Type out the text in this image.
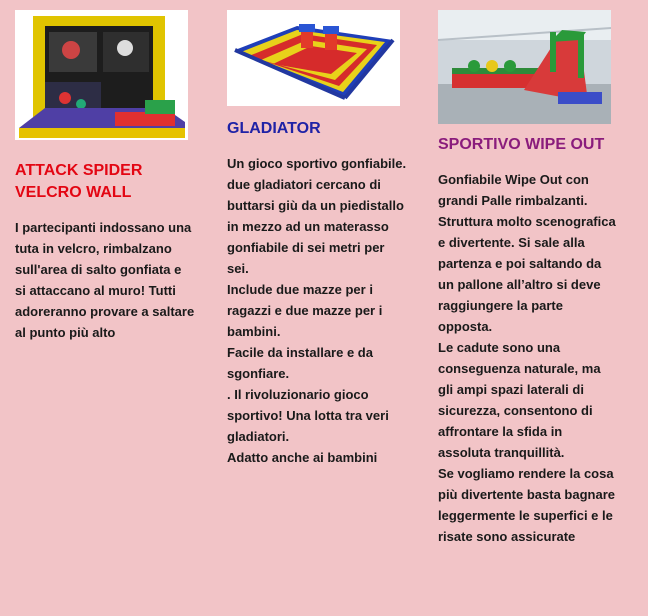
ATTACK SPIDER VELCRO WALL

I partecipanti indossano una tuta in velcro, rimbalzano sull'area di salto gonfiata e si attaccano al muro! Tutti adoreranno provare a saltare al punto più alto

GLADIATOR

Un gioco sportivo gonfiabile. due gladiatori cercano di buttarsi giù da un piedistallo in mezzo ad un materasso gonfiabile di sei metri per sei.
Include due mazze per i ragazzi e due mazze per i bambini.
Facile da installare e da sgonfiare.
. Il rivoluzionario gioco sportivo! Una lotta tra veri gladiatori.
Adatto anche ai bambini

SPORTIVO WIPE OUT

Gonfiabile Wipe Out con grandi Palle rimbalzanti.
Struttura molto scenografica e divertente. Si sale alla partenza e poi saltando da un pallone all’altro si deve raggiungere la parte opposta.
Le cadute sono una conseguenza naturale, ma gli ampi spazi laterali di sicurezza, consentono di affrontare la sfida in assoluta tranquillità.
Se vogliamo rendere la cosa più divertente basta bagnare leggermente le superfici e le risate sono assicurate
